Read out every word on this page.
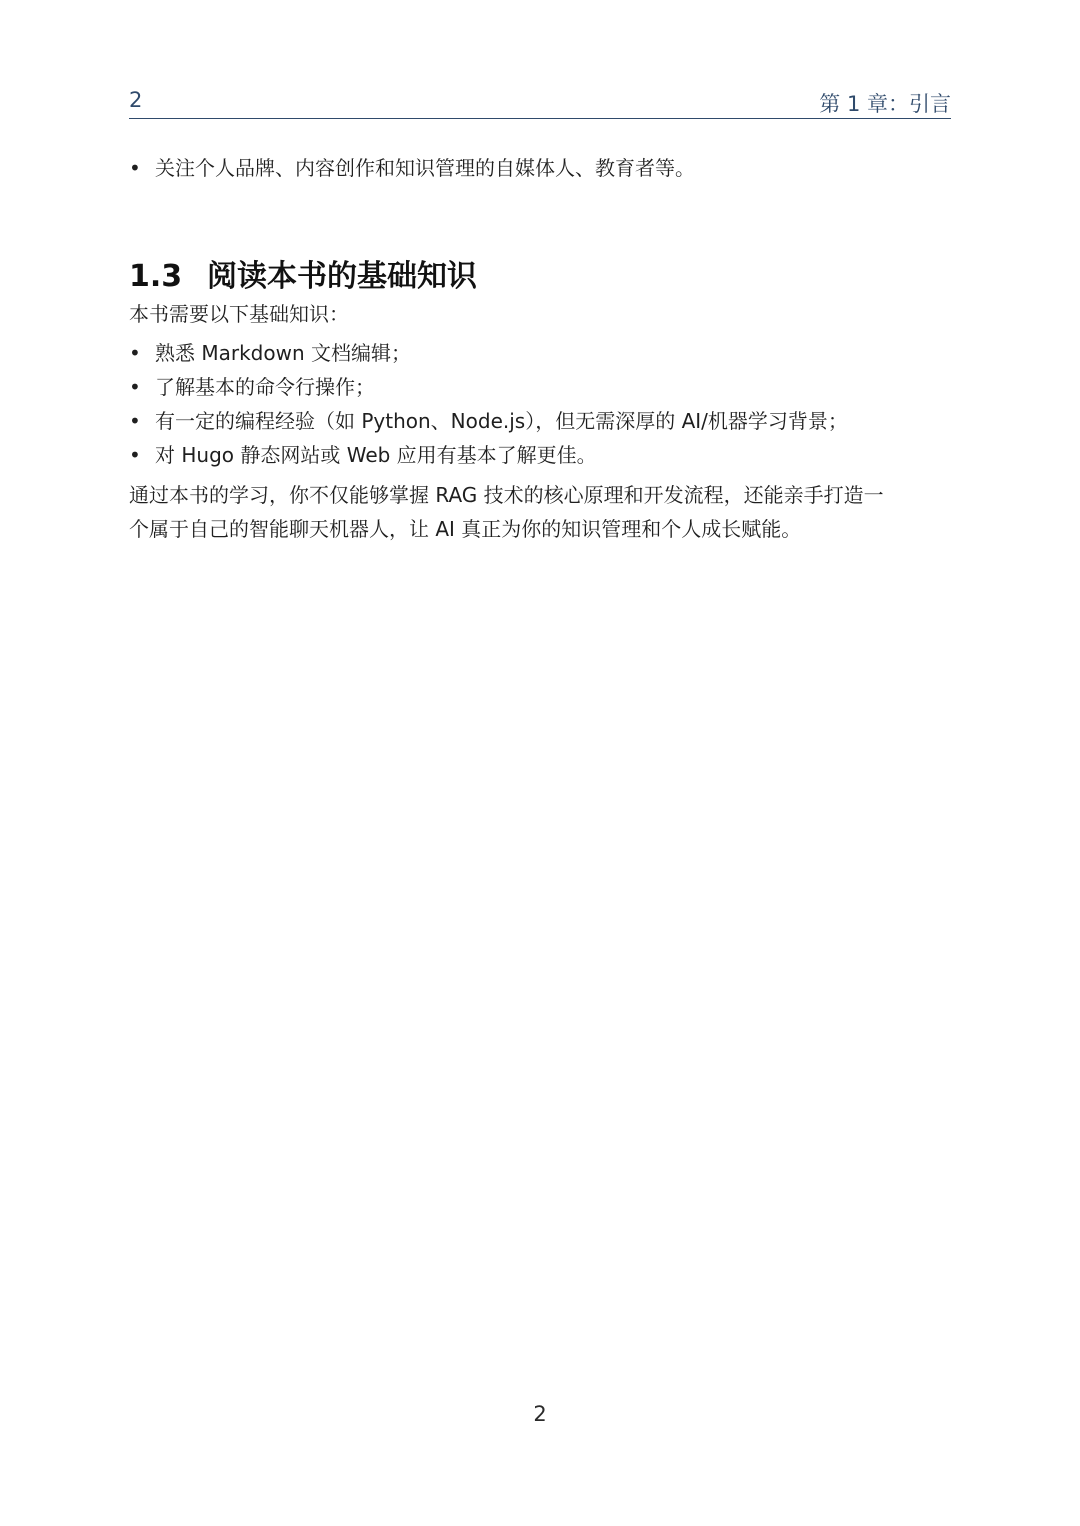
2	第 1 章：引言
• 关注个人品牌、内容创作和知识管理的自媒体人、教育者等。
1.3 阅读本书的基础知识
本书需要以下基础知识：
• 熟悉 Markdown 文档编辑；
• 了解基本的命令行操作；
• 有一定的编程经验（如 Python、Node.js），但无需深厚的 AI/机器学习背景；
• 对 Hugo 静态网站或 Web 应用有基本了解更佳。

通过本书的学习，你不仅能够掌握 RAG 技术的核心原理和开发流程，还能亲手打造一
个属于自己的智能聊天机器人，让 AI 真正为你的知识管理和个人成长赋能。

2
